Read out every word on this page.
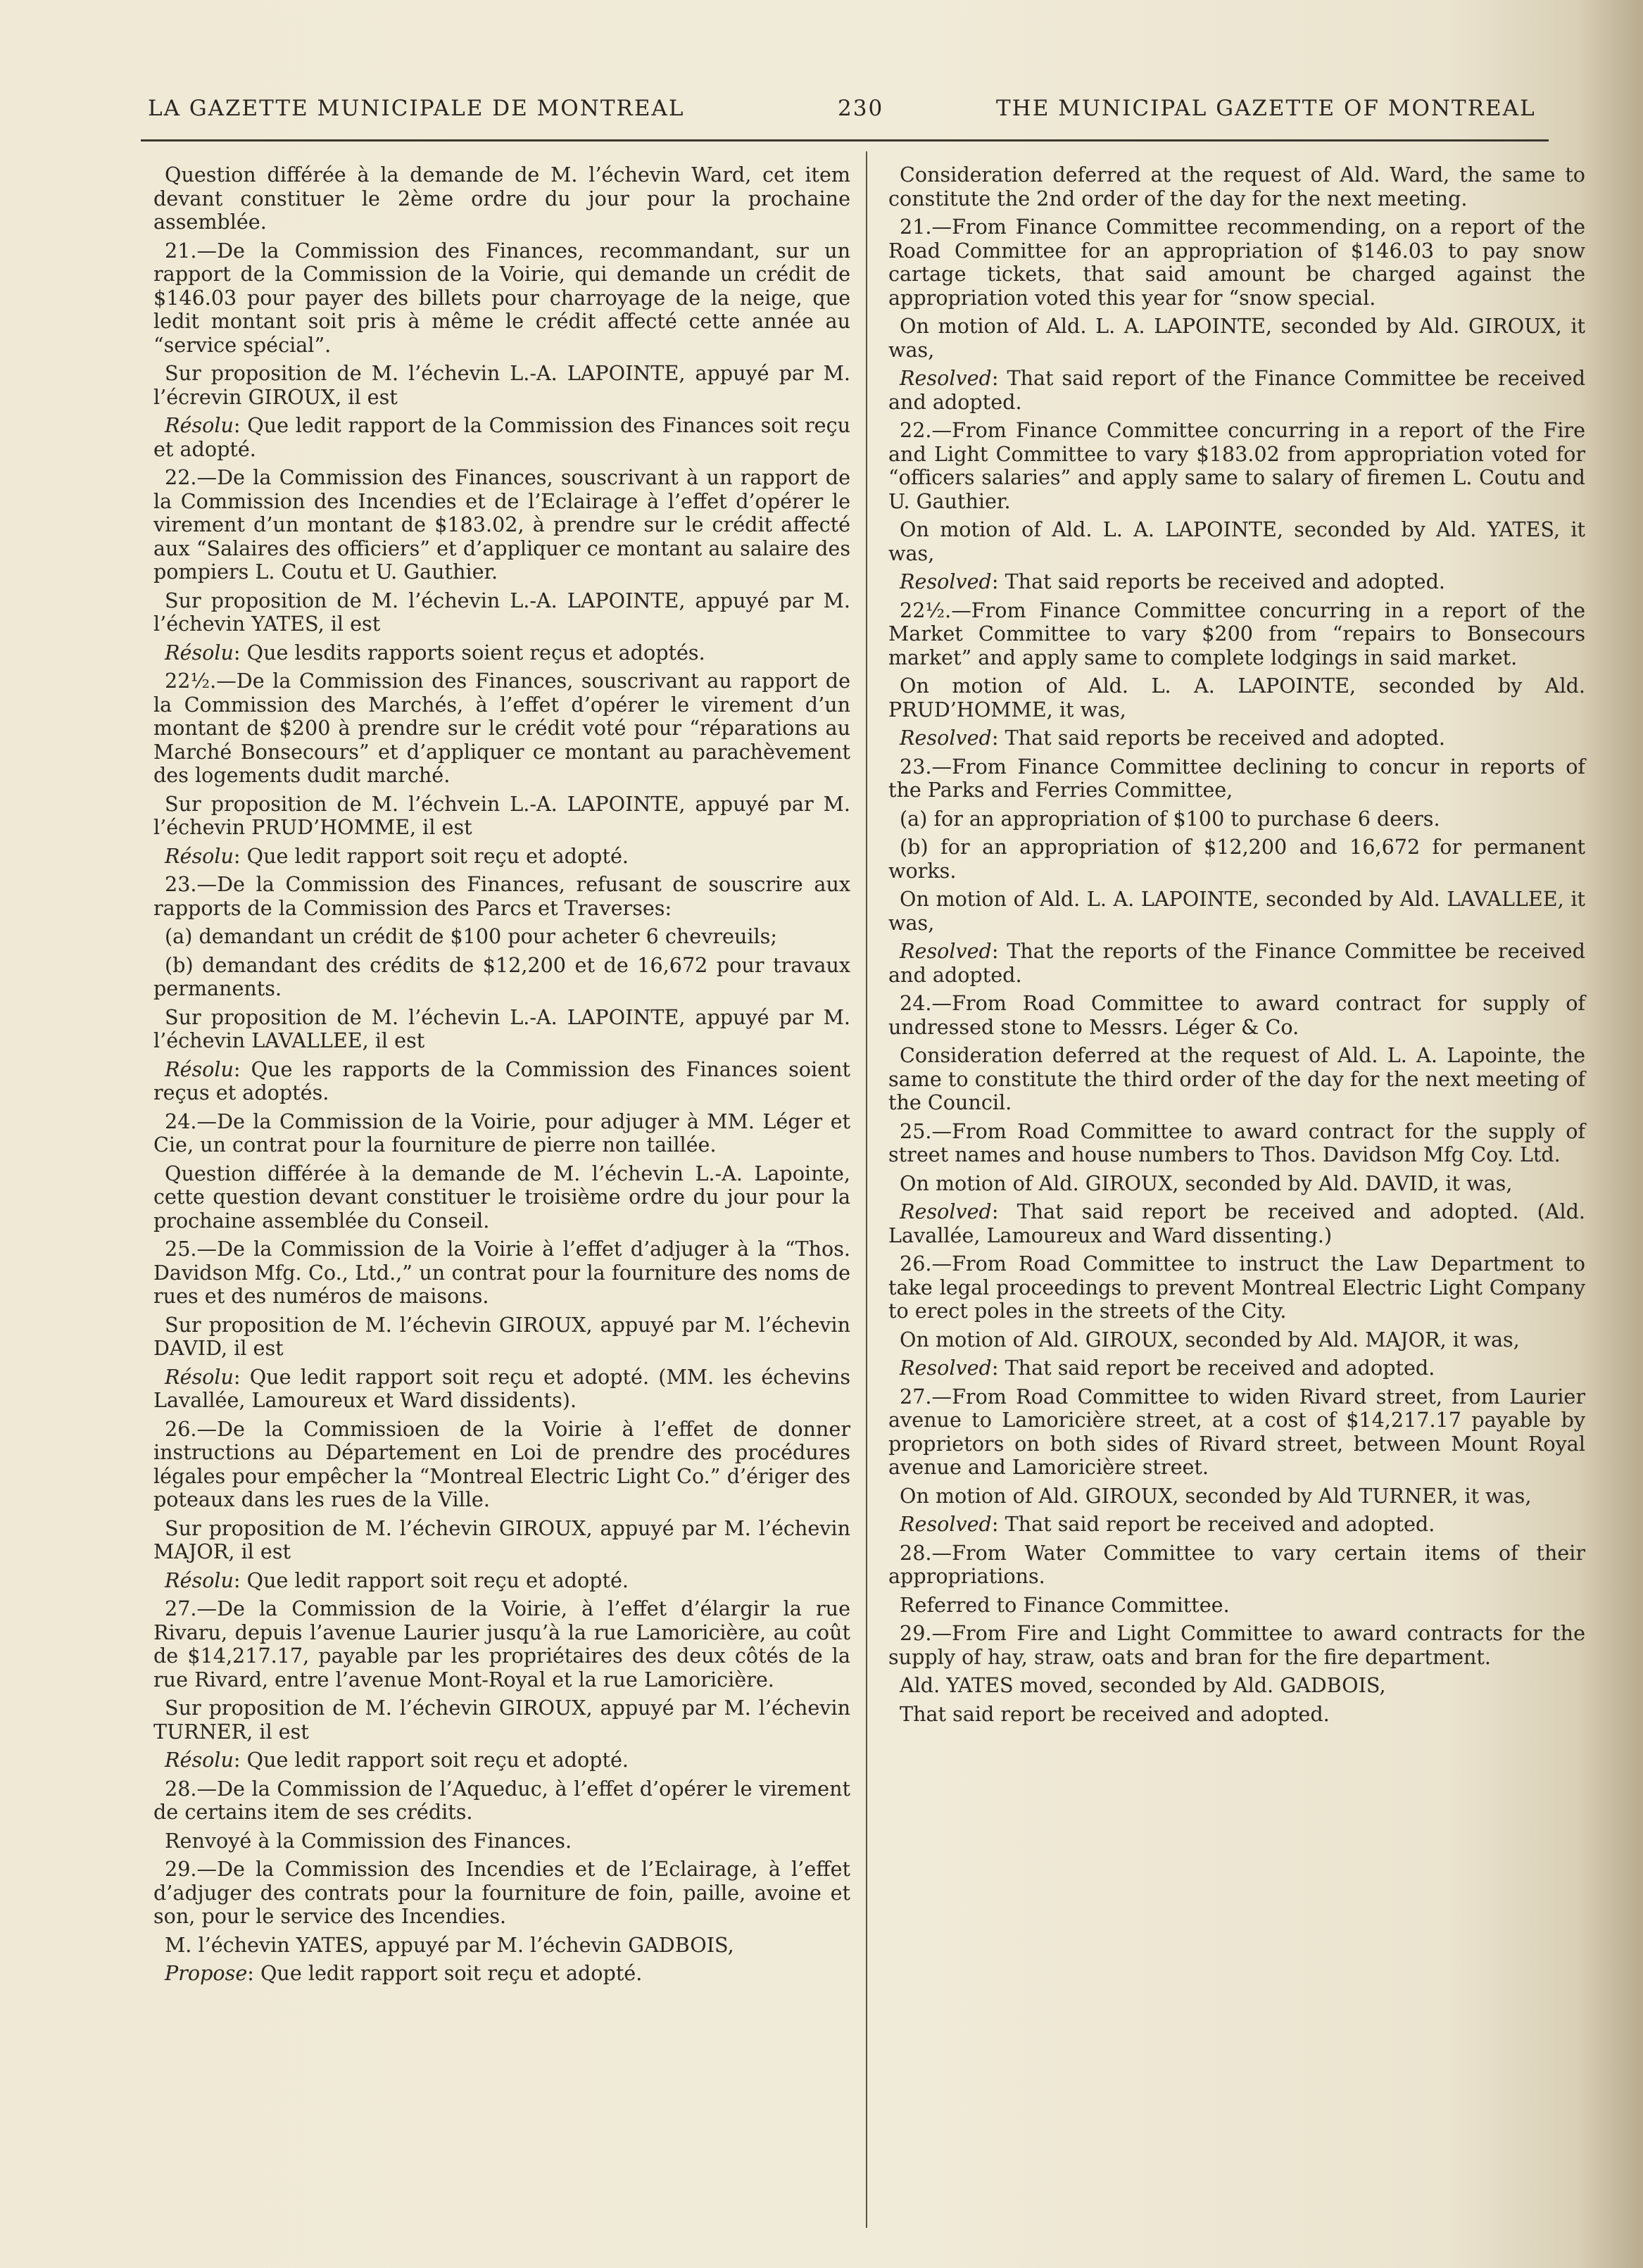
LA GAZETTE MUNICIPALE DE MONTREAL	230	THE MUNICIPAL GAZETTE OF MONTREAL

Question différée à la demande de M. l’échevin Ward, cet item devant constituer le 2ème ordre du jour pour la prochaine assemblée.

21.—De la Commission des Finances, recommandant, sur un rapport de la Commission de la Voirie, qui demande un crédit de $146.03 pour payer des billets pour charroyage de la neige, que ledit montant soit pris à même le crédit affecté cette année au “service spécial”.

Sur proposition de M. l’échevin L.-A. LAPOINTE, appuyé par M. l’écrevin GIROUX, il est

Résolu: Que ledit rapport de la Commission des Finances soit reçu et adopté.

22.—De la Commission des Finances, souscrivant à un rapport de la Commission des Incendies et de l’Eclairage à l’effet d’opérer le virement d’un montant de $183.02, à prendre sur le crédit affecté aux “Salaires des officiers” et d’appliquer ce montant au salaire des pompiers L. Coutu et U. Gauthier.

Sur proposition de M. l’échevin L.-A. LAPOINTE, appuyé par M. l’échevin YATES, il est

Résolu: Que lesdits rapports soient reçus et adoptés.

22½.—De la Commission des Finances, souscrivant au rapport de la Commission des Marchés, à l’effet d’opérer le virement d’un montant de $200 à prendre sur le crédit voté pour “réparations au Marché Bonsecours” et d’appliquer ce montant au parachèvement des logements dudit marché.

Sur proposition de M. l’échvein L.-A. LAPOINTE, appuyé par M. l’échevin PRUD’HOMME, il est

Résolu: Que ledit rapport soit reçu et adopté.

23.—De la Commission des Finances, refusant de souscrire aux rapports de la Commission des Parcs et Traverses:

(a) demandant un crédit de $100 pour acheter 6 chevreuils;

(b) demandant des crédits de $12,200 et de 16,672 pour travaux permanents.

Sur proposition de M. l’échevin L.-A. LAPOINTE, appuyé par M. l’échevin LAVALLEE, il est

Résolu: Que les rapports de la Commission des Finances soient reçus et adoptés.

24.—De la Commission de la Voirie, pour adjuger à MM. Léger et Cie, un contrat pour la fourniture de pierre non taillée.

Question différée à la demande de M. l’échevin L.-A. Lapointe, cette question devant constituer le troisième ordre du jour pour la prochaine assemblée du Conseil.

25.—De la Commission de la Voirie à l’effet d’adjuger à la “Thos. Davidson Mfg. Co., Ltd.,” un contrat pour la fourniture des noms de rues et des numéros de maisons.

Sur proposition de M. l’échevin GIROUX, appuyé par M. l’échevin DAVID, il est

Résolu: Que ledit rapport soit reçu et adopté. (MM. les échevins Lavallée, Lamoureux et Ward dissidents).

26.—De la Commissioen de la Voirie à l’effet de donner instructions au Département en Loi de prendre des procédures légales pour empêcher la “Montreal Electric Light Co.” d’ériger des poteaux dans les rues de la Ville.

Sur proposition de M. l’échevin GIROUX, appuyé par M. l’échevin MAJOR, il est

Résolu: Que ledit rapport soit reçu et adopté.

27.—De la Commission de la Voirie, à l’effet d’élargir la rue Rivaru, depuis l’avenue Laurier jusqu’à la rue Lamoricière, au coût de $14,217.17, payable par les propriétaires des deux côtés de la rue Rivard, entre l’avenue Mont-Royal et la rue Lamoricière.

Sur proposition de M. l’échevin GIROUX, appuyé par M. l’échevin TURNER, il est

Résolu: Que ledit rapport soit reçu et adopté.

28.—De la Commission de l’Aqueduc, à l’effet d’opérer le virement de certains item de ses crédits.

Renvoyé à la Commission des Finances.

29.—De la Commission des Incendies et de l’Eclairage, à l’effet d’adjuger des contrats pour la fourniture de foin, paille, avoine et son, pour le service des Incendies.

M. l’échevin YATES, appuyé par M. l’échevin GADBOIS,

Propose: Que ledit rapport soit reçu et adopté.

Consideration deferred at the request of Ald. Ward, the same to constitute the 2nd order of the day for the next meeting.

21.—From Finance Committee recommending, on a report of the Road Committee for an appropriation of $146.03 to pay snow cartage tickets, that said amount be charged against the appropriation voted this year for “snow special.

On motion of Ald. L. A. LAPOINTE, seconded by Ald. GIROUX, it was,

Resolved: That said report of the Finance Committee be received and adopted.

22.—From Finance Committee concurring in a report of the Fire and Light Committee to vary $183.02 from appropriation voted for “officers salaries” and apply same to salary of firemen L. Coutu and U. Gauthier.

On motion of Ald. L. A. LAPOINTE, seconded by Ald. YATES, it was,

Resolved: That said reports be received and adopted.

22½.—From Finance Committee concurring in a report of the Market Committee to vary $200 from “repairs to Bonsecours market” and apply same to complete lodgings in said market.

On motion of Ald. L. A. LAPOINTE, seconded by Ald. PRUD’HOMME, it was,

Resolved: That said reports be received and adopted.

23.—From Finance Committee declining to concur in reports of the Parks and Ferries Committee,

(a) for an appropriation of $100 to purchase 6 deers.

(b) for an appropriation of $12,200 and 16,672 for permanent works.

On motion of Ald. L. A. LAPOINTE, seconded by Ald. LAVALLEE, it was,

Resolved: That the reports of the Finance Committee be received and adopted.

24.—From Road Committee to award contract for supply of undressed stone to Messrs. Léger & Co.

Consideration deferred at the request of Ald. L. A. Lapointe, the same to constitute the third order of the day for the next meeting of the Council.

25.—From Road Committee to award contract for the supply of street names and house numbers to Thos. Davidson Mfg Coy. Ltd.

On motion of Ald. GIROUX, seconded by Ald. DAVID, it was,

Resolved: That said report be received and adopted. (Ald. Lavallée, Lamoureux and Ward dissenting.)

26.—From Road Committee to instruct the Law Department to take legal proceedings to prevent Montreal Electric Light Company to erect poles in the streets of the City.

On motion of Ald. GIROUX, seconded by Ald. MAJOR, it was,

Resolved: That said report be received and adopted.

27.—From Road Committee to widen Rivard street, from Laurier avenue to Lamoricière street, at a cost of $14,217.17 payable by proprietors on both sides of Rivard street, between Mount Royal avenue and Lamoricière street.

On motion of Ald. GIROUX, seconded by Ald TURNER, it was,

Resolved: That said report be received and adopted.

28.—From Water Committee to vary certain items of their appropriations.

Referred to Finance Committee.

29.—From Fire and Light Committee to award contracts for the supply of hay, straw, oats and bran for the fire department.

Ald. YATES moved, seconded by Ald. GADBOIS,

That said report be received and adopted.
